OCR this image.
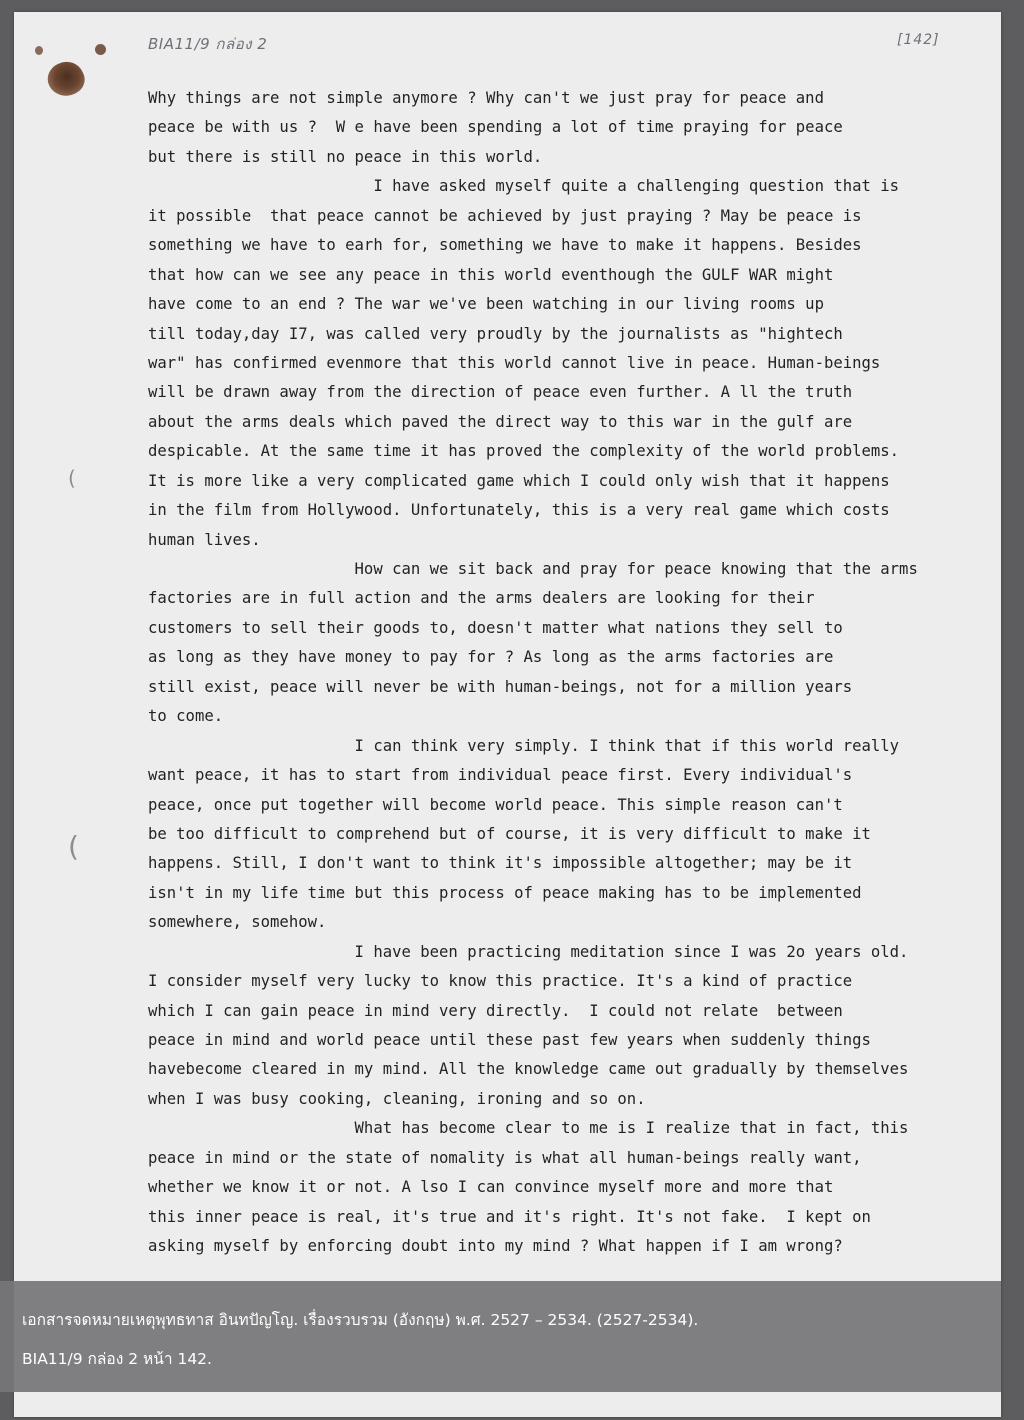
BIA11/9 กล่อง 2	[142]
(
(
Why things are not simple anymore ? Why can't we just pray for peace and
peace be with us ?  W e have been spending a lot of time praying for peace
but there is still no peace in this world.
I have asked myself quite a challenging question that is
it possible  that peace cannot be achieved by just praying ? May be peace is
something we have to earh for, something we have to make it happens. Besides
that how can we see any peace in this world eventhough the GULF WAR might
have come to an end ? The war we've been watching in our living rooms up
till today,day I7, was called very proudly by the journalists as "hightech
war" has confirmed evenmore that this world cannot live in peace. Human-beings
will be drawn away from the direction of peace even further. A ll the truth
about the arms deals which paved the direct way to this war in the gulf are
despicable. At the same time it has proved the complexity of the world problems.
It is more like a very complicated game which I could only wish that it happens
in the film from Hollywood. Unfortunately, this is a very real game which costs
human lives.
How can we sit back and pray for peace knowing that the arms
factories are in full action and the arms dealers are looking for their
customers to sell their goods to, doesn't matter what nations they sell to
as long as they have money to pay for ? As long as the arms factories are
still exist, peace will never be with human-beings, not for a million years
to come.
I can think very simply. I think that if this world really
want peace, it has to start from individual peace first. Every individual's
peace, once put together will become world peace. This simple reason can't
be too difficult to comprehend but of course, it is very difficult to make it
happens. Still, I don't want to think it's impossible altogether; may be it
isn't in my life time but this process of peace making has to be implemented
somewhere, somehow.
I have been practicing meditation since I was 2o years old.
I consider myself very lucky to know this practice. It's a kind of practice
which I can gain peace in mind very directly.  I could not relate  between
peace in mind and world peace until these past few years when suddenly things
havebecome cleared in my mind. All the knowledge came out gradually by themselves
when I was busy cooking, cleaning, ironing and so on.
What has become clear to me is I realize that in fact, this
peace in mind or the state of nomality is what all human-beings really want,
whether we know it or not. A lso I can convince myself more and more that
this inner peace is real, it's true and it's right. It's not fake.  I kept on
asking myself by enforcing doubt into my mind ? What happen if I am wrong?
เอกสารจดหมายเหตุพุทธทาส อินทปัญโญ. เรื่องรวบรวม (อังกฤษ) พ.ศ. 2527 – 2534. (2527-2534).
BIA11/9 กล่อง 2 หน้า 142.
